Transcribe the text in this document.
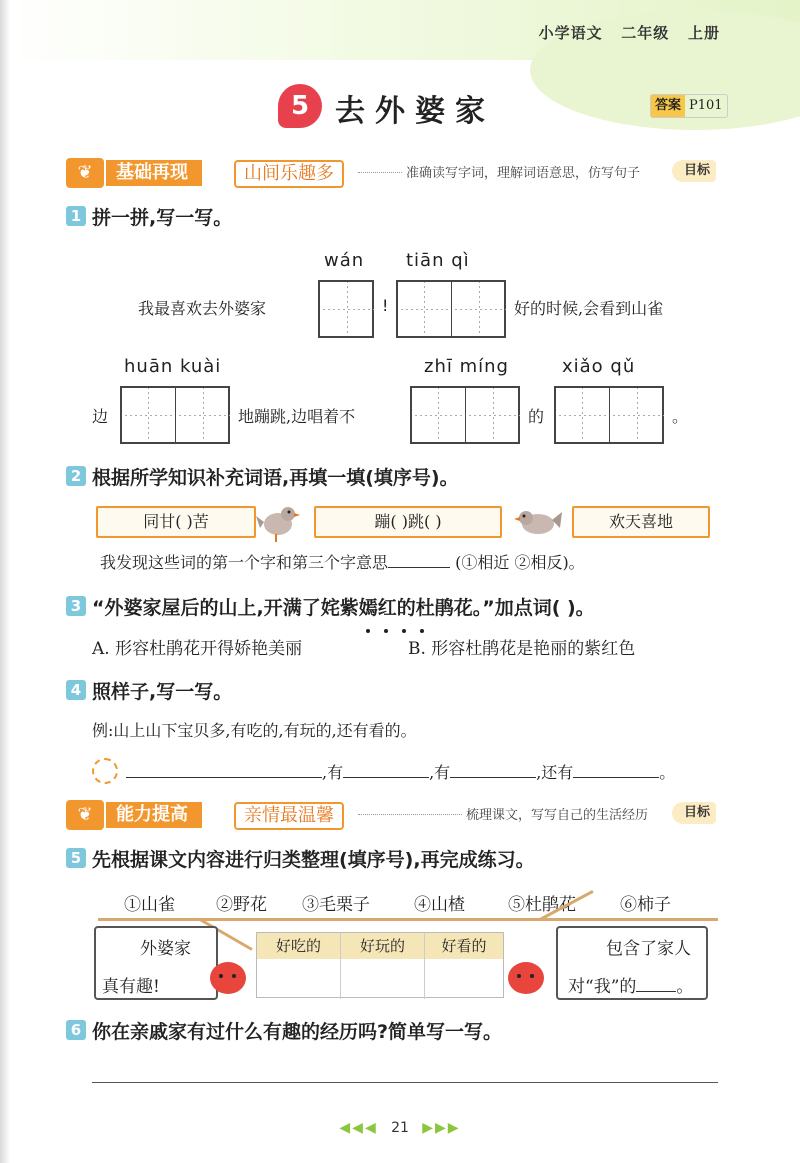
小学语文 二年级 上册
5 去外婆家	答案 P101
❦	基础再现	山间乐趣多	准确读写字词，理解词语意思，仿写句子	目标
1 拼一拼,写一写。
wán tiān qì
我最喜欢去外婆家	!	好的时候,会看到山雀
huān kuài	zhī míng	xiǎo qǔ
边	地蹦跳,边唱着不	的	。
2 根据所学知识补充词语,再填一填(填序号)。
同甘( )苦	蹦( )跳( )	欢天喜地
我发现这些词的第一个字和第三个字意思	(①相近 ②相反)。
3 “外婆家屋后的山上,开满了姹紫嫣红的杜鹃花。”加点词( )。
A. 形容杜鹃花开得娇艳美丽	B. 形容杜鹃花是艳丽的紫红色
4 照样子,写一写。
例:山上山下宝贝多,有吃的,有玩的,还有看的。
,有	,有	,还有	。
❦	能力提高	亲情最温馨	梳理课文，写写自己的生活经历	目标
5 先根据课文内容进行归类整理(填序号),再完成练习。
①山雀 ②野花 ③毛栗子	④山楂	⑤杜鹃花	⑥柿子
外婆家
真有趣!
好吃的	好玩的	好看的	包含了家人
对“我”的 。
6 你在亲戚家有过什么有趣的经历吗?简单写一写。
◀◀◀ 21 ▶▶▶
